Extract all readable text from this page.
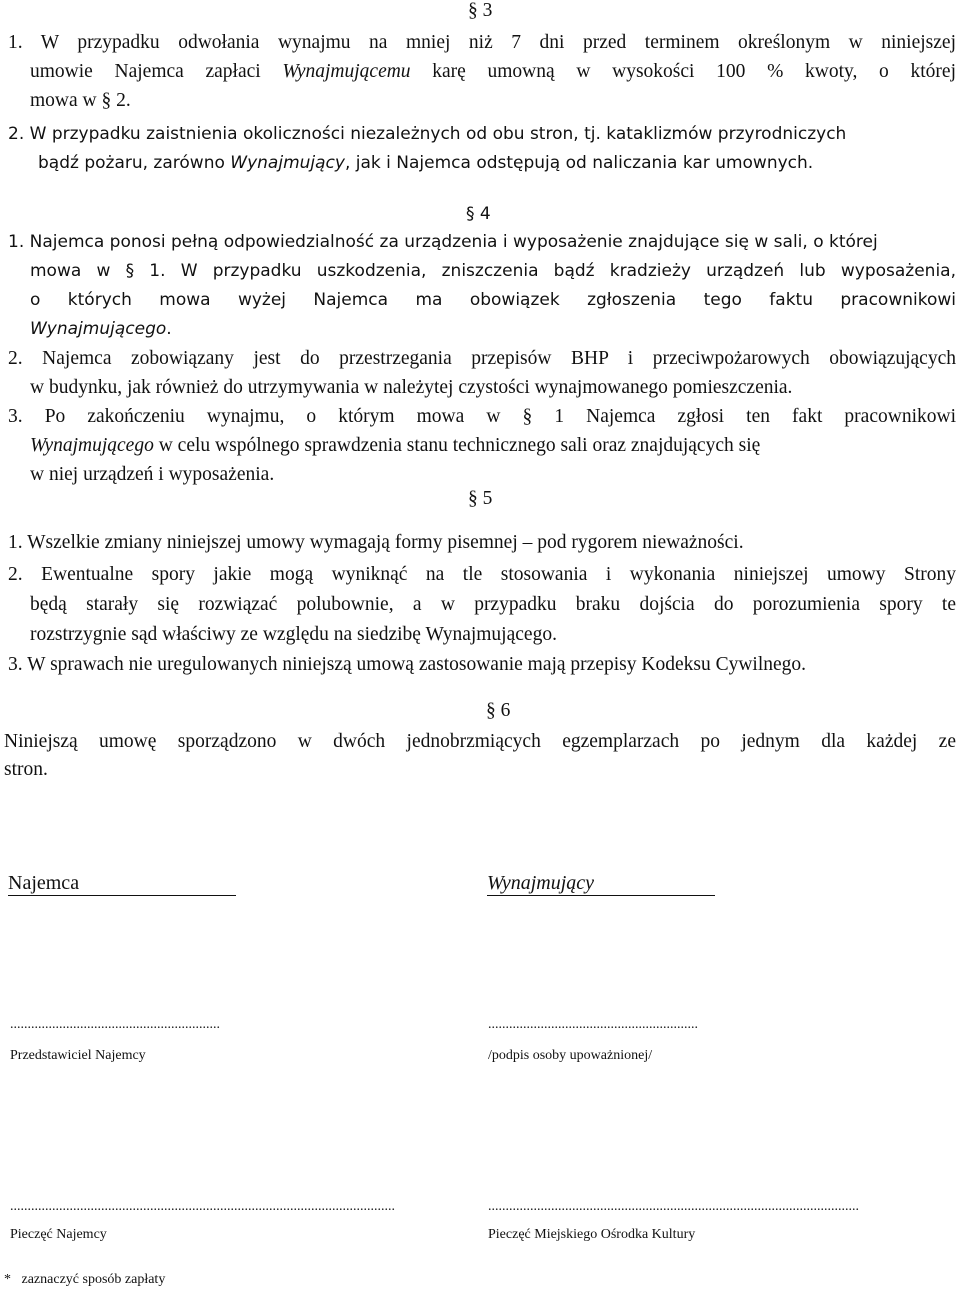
§ 3
1. W przypadku odwołania wynajmu na mniej niż 7 dni przed terminem określonym w niniejszej
umowie Najemca zapłaci Wynajmującemu karę umowną w wysokości 100 % kwoty, o której
mowa w § 2.
2. W przypadku zaistnienia okoliczności niezależnych od obu stron, tj. kataklizmów przyrodniczych
bądź pożaru, zarówno Wynajmujący, jak i Najemca odstępują od naliczania kar umownych.
§ 4
1. Najemca ponosi pełną odpowiedzialność za urządzenia i wyposażenie znajdujące się w sali, o której
mowa w § 1. W przypadku uszkodzenia, zniszczenia bądź kradzieży urządzeń lub wyposażenia,
o których mowa wyżej Najemca ma obowiązek zgłoszenia tego faktu pracownikowi
Wynajmującego.
2. Najemca zobowiązany jest do przestrzegania przepisów BHP i przeciwpożarowych obowiązujących
w budynku, jak również do utrzymywania w należytej czystości wynajmowanego pomieszczenia.
3. Po zakończeniu wynajmu, o którym mowa w § 1 Najemca zgłosi ten fakt pracownikowi
Wynajmującego w celu wspólnego sprawdzenia stanu technicznego sali oraz znajdujących się
w niej urządzeń i wyposażenia.
§ 5
1. Wszelkie zmiany niniejszej umowy wymagają formy pisemnej – pod rygorem nieważności.
2. Ewentualne spory jakie mogą wyniknąć na tle stosowania i wykonania niniejszej umowy Strony
będą starały się rozwiązać polubownie, a w przypadku braku dojścia do porozumienia spory te
rozstrzygnie sąd właściwy ze względu na siedzibę Wynajmującego.
3. W sprawach nie uregulowanych niniejszą umową zastosowanie mają przepisy Kodeksu Cywilnego.
§ 6
Niniejszą umowę sporządzono w dwóch jednobrzmiących egzemplarzach po jednym dla każdej ze
stron.
Najemca	Wynajmujący
............................................................	............................................................
Przedstawiciel Najemcy	/podpis osoby upoważnionej/
..............................................................................................................	..........................................................................................................
Pieczęć Najemcy	Pieczęć Miejskiego Ośrodka Kultury
*   zaznaczyć sposób zapłaty
